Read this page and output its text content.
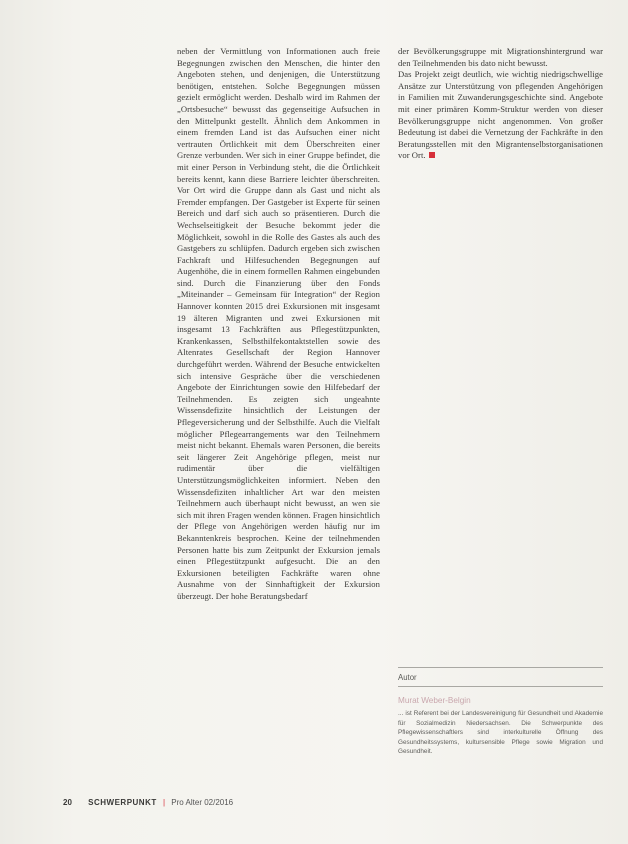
neben der Vermittlung von Informationen auch freie Begegnungen zwischen den Menschen, die hinter den Angeboten stehen, und denjenigen, die Unterstützung benötigen, entstehen. Solche Begegnungen müssen gezielt ermöglicht werden. Deshalb wird im Rahmen der „Ortsbesuche“ bewusst das gegenseitige Aufsuchen in den Mittelpunkt gestellt. Ähnlich dem Ankommen in einem fremden Land ist das Aufsuchen einer nicht vertrauten Örtlichkeit mit dem Überschreiten einer Grenze verbunden. Wer sich in einer Gruppe befindet, die mit einer Person in Verbindung steht, die die Örtlichkeit bereits kennt, kann diese Barriere leichter überschreiten. Vor Ort wird die Gruppe dann als Gast und nicht als Fremder empfangen. Der Gastgeber ist Experte für seinen Bereich und darf sich auch so präsentieren. Durch die Wechselseitigkeit der Besuche bekommt jeder die Möglichkeit, sowohl in die Rolle des Gastes als auch des Gastgebers zu schlüpfen. Dadurch ergeben sich zwischen Fachkraft und Hilfesuchenden Begegnungen auf Augenhöhe, die in einem formellen Rahmen eingebunden sind. Durch die Finanzierung über den Fonds „Miteinander – Gemeinsam für Integration“ der Region Hannover konnten 2015 drei Exkursionen mit insgesamt 19 älteren Migranten und zwei Exkursionen mit insgesamt 13 Fachkräften aus Pflegestützpunkten, Krankenkassen, Selbsthilfekontaktstellen sowie des Altenrates Gesellschaft der Region Hannover durchgeführt werden. Während der Besuche entwickelten sich intensive Gespräche über die verschiedenen Angebote der Einrichtungen sowie den Hilfebedarf der Teilnehmenden. Es zeigten sich ungeahnte Wissensdefizite hinsichtlich der Leistungen der Pflegeversicherung und der Selbsthilfe. Auch die Vielfalt möglicher Pflegearrangements war den Teilnehmern meist nicht bekannt. Ehemals waren Personen, die bereits seit längerer Zeit Angehörige pflegen, meist nur rudimentär über die vielfältigen Unterstützungsmöglichkeiten informiert. Neben den Wissensdefiziten inhaltlicher Art war den meisten Teilnehmern auch überhaupt nicht bewusst, an wen sie sich mit ihren Fragen wenden können. Fragen hinsichtlich der Pflege von Angehörigen werden häufig nur im Bekanntenkreis besprochen. Keine der teilnehmenden Personen hatte bis zum Zeitpunkt der Exkursion jemals einen Pflegestützpunkt aufgesucht. Die an den Exkursionen beteiligten Fachkräfte waren ohne Ausnahme von der Sinnhaftigkeit der Exkursion überzeugt. Der hohe Beratungsbedarf

der Bevölkerungsgruppe mit Migrationshintergrund war den Teilnehmenden bis dato nicht bewusst.

Das Projekt zeigt deutlich, wie wichtig niedrigschwellige Ansätze zur Unterstützung von pflegenden Angehörigen in Familien mit Zuwanderungsgeschichte sind. Angebote mit einer primären Komm-Struktur werden von dieser Bevölkerungsgruppe nicht angenommen. Von großer Bedeutung ist dabei die Vernetzung der Fachkräfte in den Beratungsstellen mit den Migrantenselbstorganisationen vor Ort.

Autor
Murat Weber-Belgin
... ist Referent bei der Landesvereinigung für Gesundheit und Akademie für Sozialmedizin Niedersachsen. Die Schwerpunkte des Pflegewissenschaftlers sind interkulturelle Öffnung des Gesundheitssystems, kultursensible Pflege sowie Migration und Gesundheit.
20 SCHWERPUNKT | Pro Alter 02/2016
